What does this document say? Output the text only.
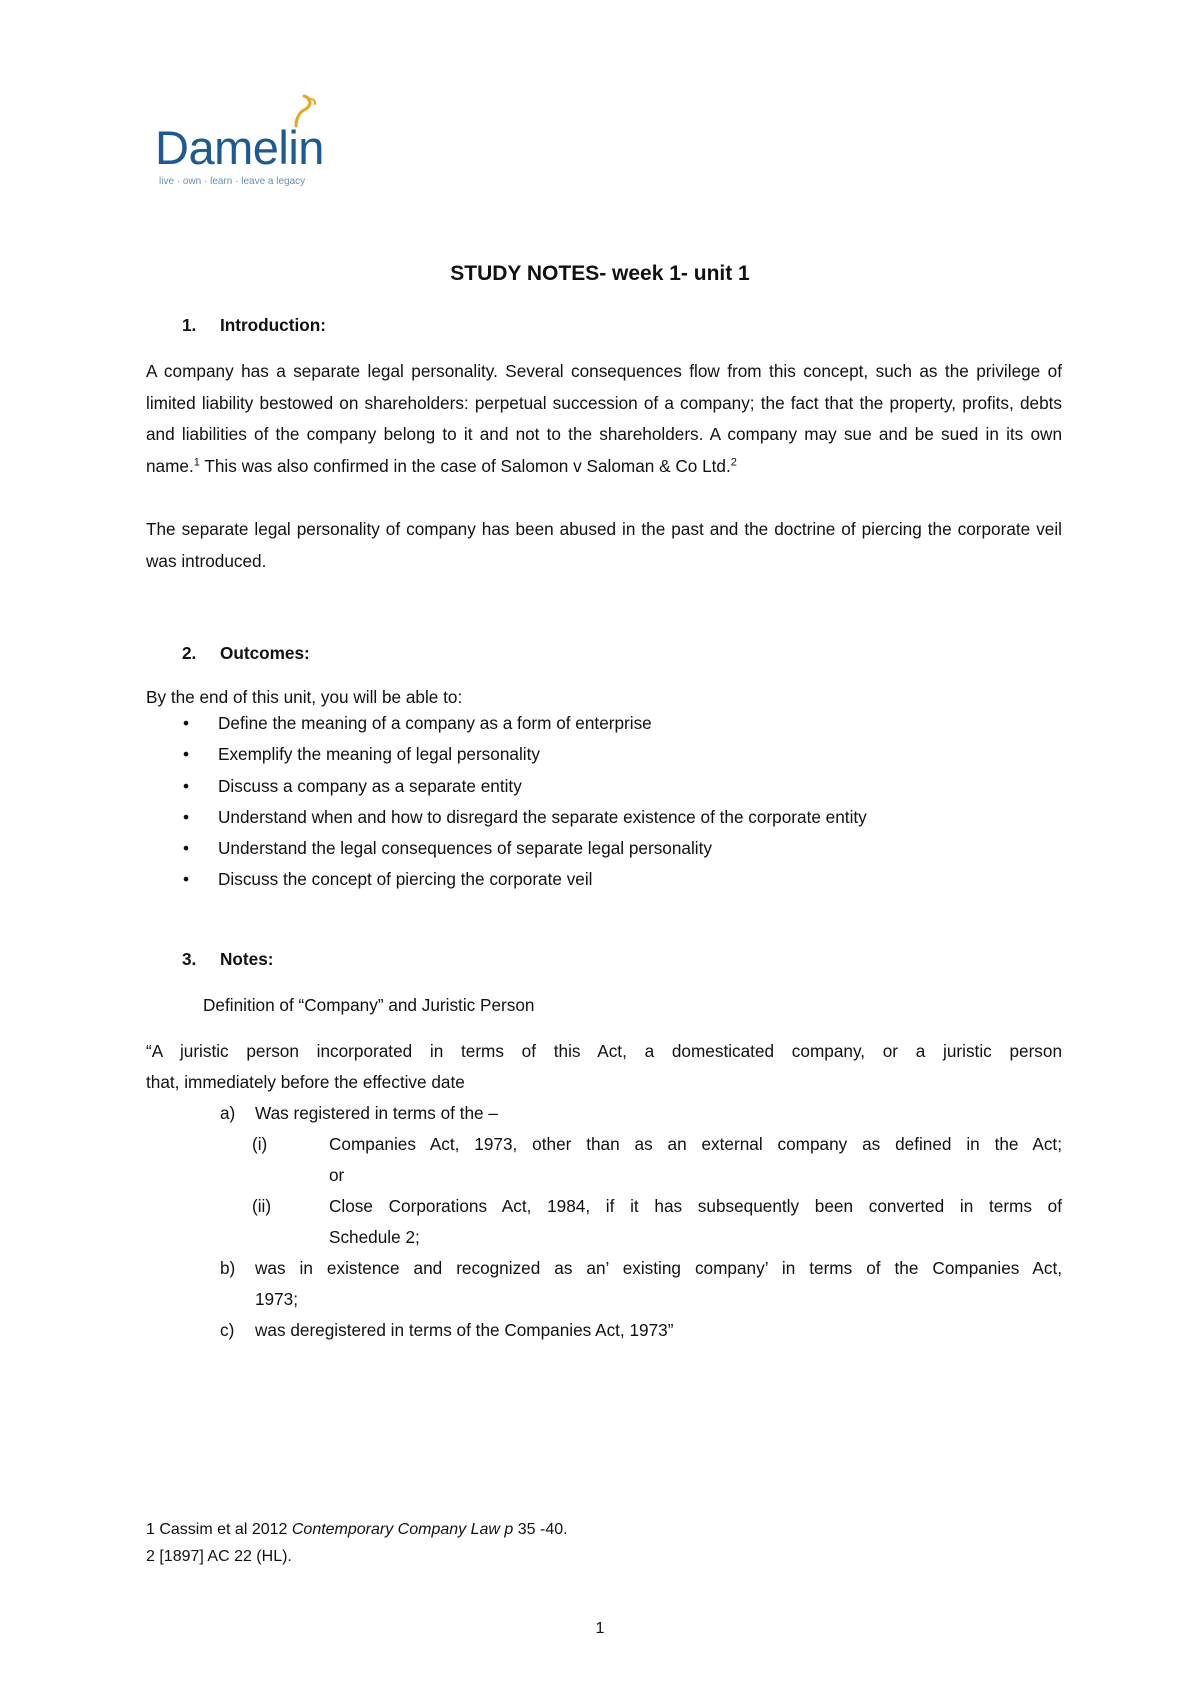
Damelin
live · own · learn · leave a legacy
STUDY NOTES- week 1- unit 1
1. Introduction:
A company has a separate legal personality. Several consequences flow from this concept, such as the privilege of limited liability bestowed on shareholders: perpetual succession of a company; the fact that the property, profits, debts and liabilities of the company belong to it and not to the shareholders. A company may sue and be sued in its own name.$^1$ This was also confirmed in the case of Salomon v Saloman & Co Ltd.$^2$
The separate legal personality of company has been abused in the past and the doctrine of piercing the corporate veil was introduced.
2. Outcomes:
By the end of this unit, you will be able to:
• Define the meaning of a company as a form of enterprise
• Exemplify the meaning of legal personality
• Discuss a company as a separate entity
• Understand when and how to disregard the separate existence of the corporate entity
• Understand the legal consequences of separate legal personality
• Discuss the concept of piercing the corporate veil
3. Notes:
Definition of “Company” and Juristic Person
“A juristic person incorporated in terms of this Act, a domesticated company, or a juristic person
that, immediately before the effective date
a) Was registered in terms of the –
(i)	Companies Act, 1973, other than as an external company as defined in the Act;
or
(ii)	Close Corporations Act, 1984, if it has subsequently been converted in terms of
Schedule 2;
b) was in existence and recognized as an’ existing company’ in terms of the Companies Act,
1973;
c) was deregistered in terms of the Companies Act, 1973”
1 Cassim et al 2012 Contemporary Company Law p 35 -40.
2 [1897] AC 22 (HL).
1
